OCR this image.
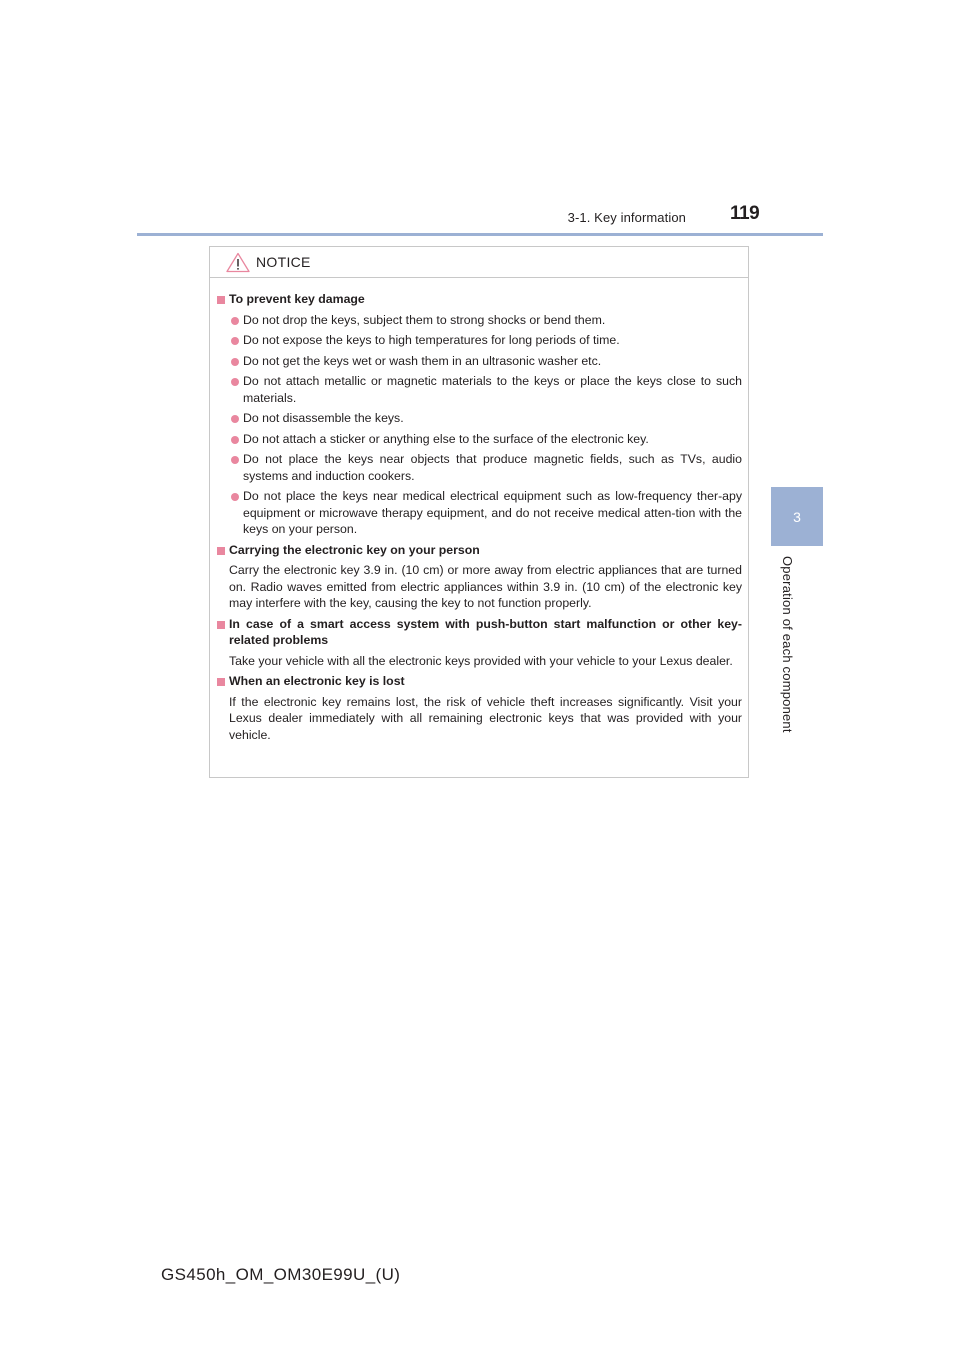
3-1. Key information 119
3
Operation of each component
NOTICE
To prevent key damage
Do not drop the keys, subject them to strong shocks or bend them.
Do not expose the keys to high temperatures for long periods of time.
Do not get the keys wet or wash them in an ultrasonic washer etc.
Do not attach metallic or magnetic materials to the keys or place the keys close to such materials.
Do not disassemble the keys.
Do not attach a sticker or anything else to the surface of the electronic key.
Do not place the keys near objects that produce magnetic fields, such as TVs, audio systems and induction cookers.
Do not place the keys near medical electrical equipment such as low-frequency ther-apy equipment or microwave therapy equipment, and do not receive medical atten-tion with the keys on your person.
Carrying the electronic key on your person
Carry the electronic key 3.9 in. (10 cm) or more away from electric appliances that are turned on. Radio waves emitted from electric appliances within 3.9 in. (10 cm) of the electronic key may interfere with the key, causing the key to not function properly.
In case of a smart access system with push-button start malfunction or other key-related problems
Take your vehicle with all the electronic keys provided with your vehicle to your Lexus dealer.
When an electronic key is lost
If the electronic key remains lost, the risk of vehicle theft increases significantly. Visit your Lexus dealer immediately with all remaining electronic keys that was provided with your vehicle.
GS450h_OM_OM30E99U_(U)
